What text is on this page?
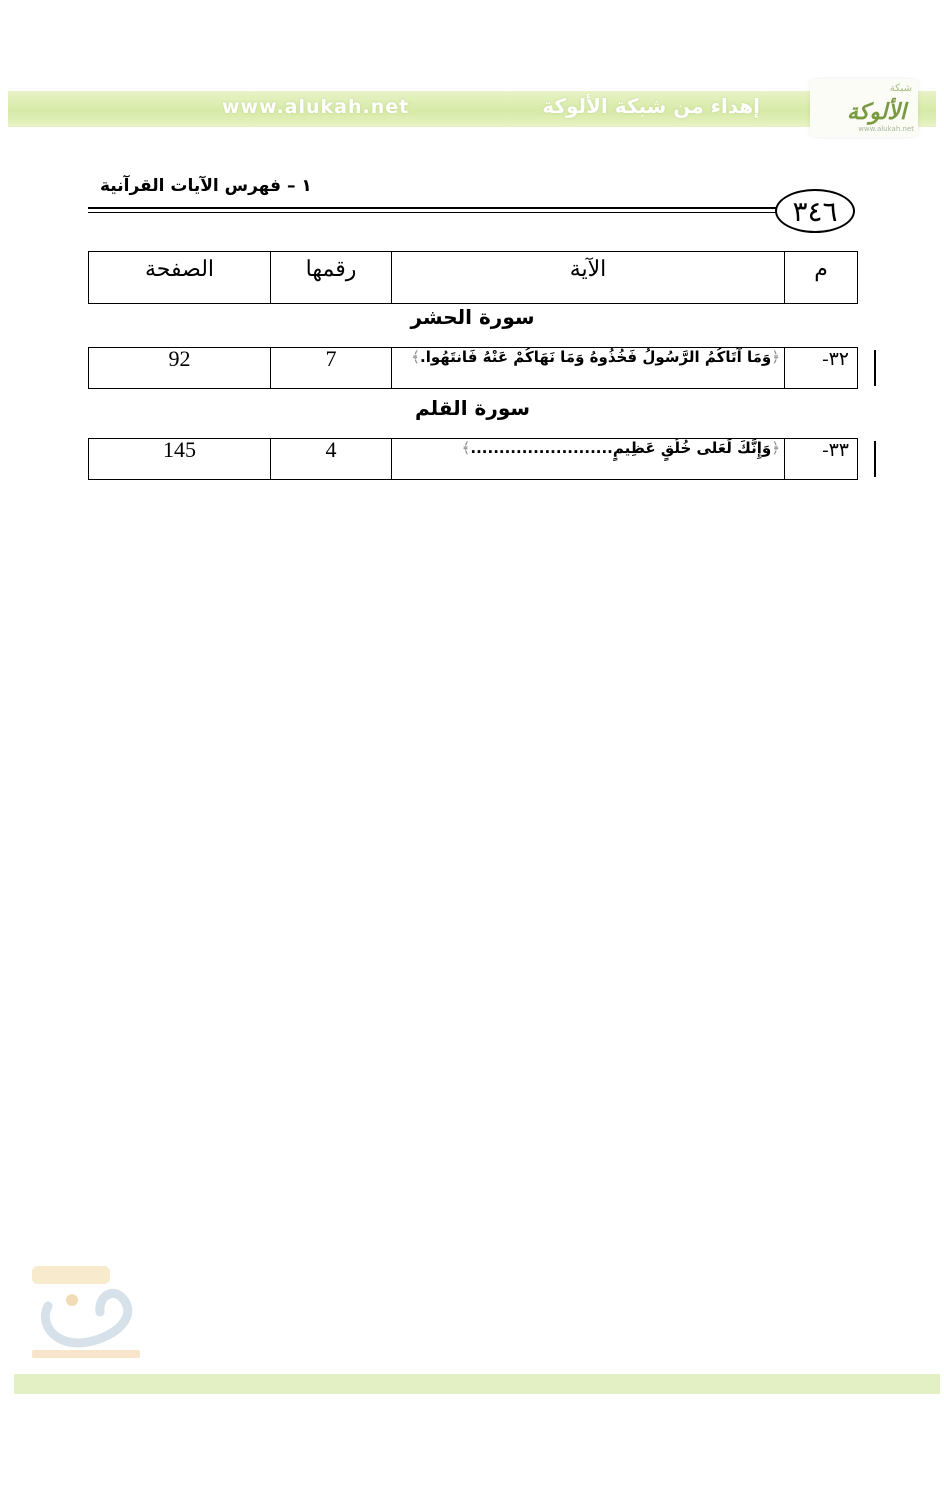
www.alukah.net	إهداء من شبكة الألوكة
شبكة
الألوكة
www.alukah.net
١ – فهرس الآيات القرآنية
٣٤٦
الصفحة	رقمها	الآية	م
سورة الحشر
92	7	﴿وَمَا آتَاكُمُ الرَّسُولُ فَخُذُوهُ وَمَا نَهَاكُمْ عَنْهُ فَانتَهُوا.﴾	٣٢-
سورة القلم
145	4	﴿وَإِنَّكَ لَعَلى خُلُقٍ عَظِيمٍ.........................﴾	٣٣-
